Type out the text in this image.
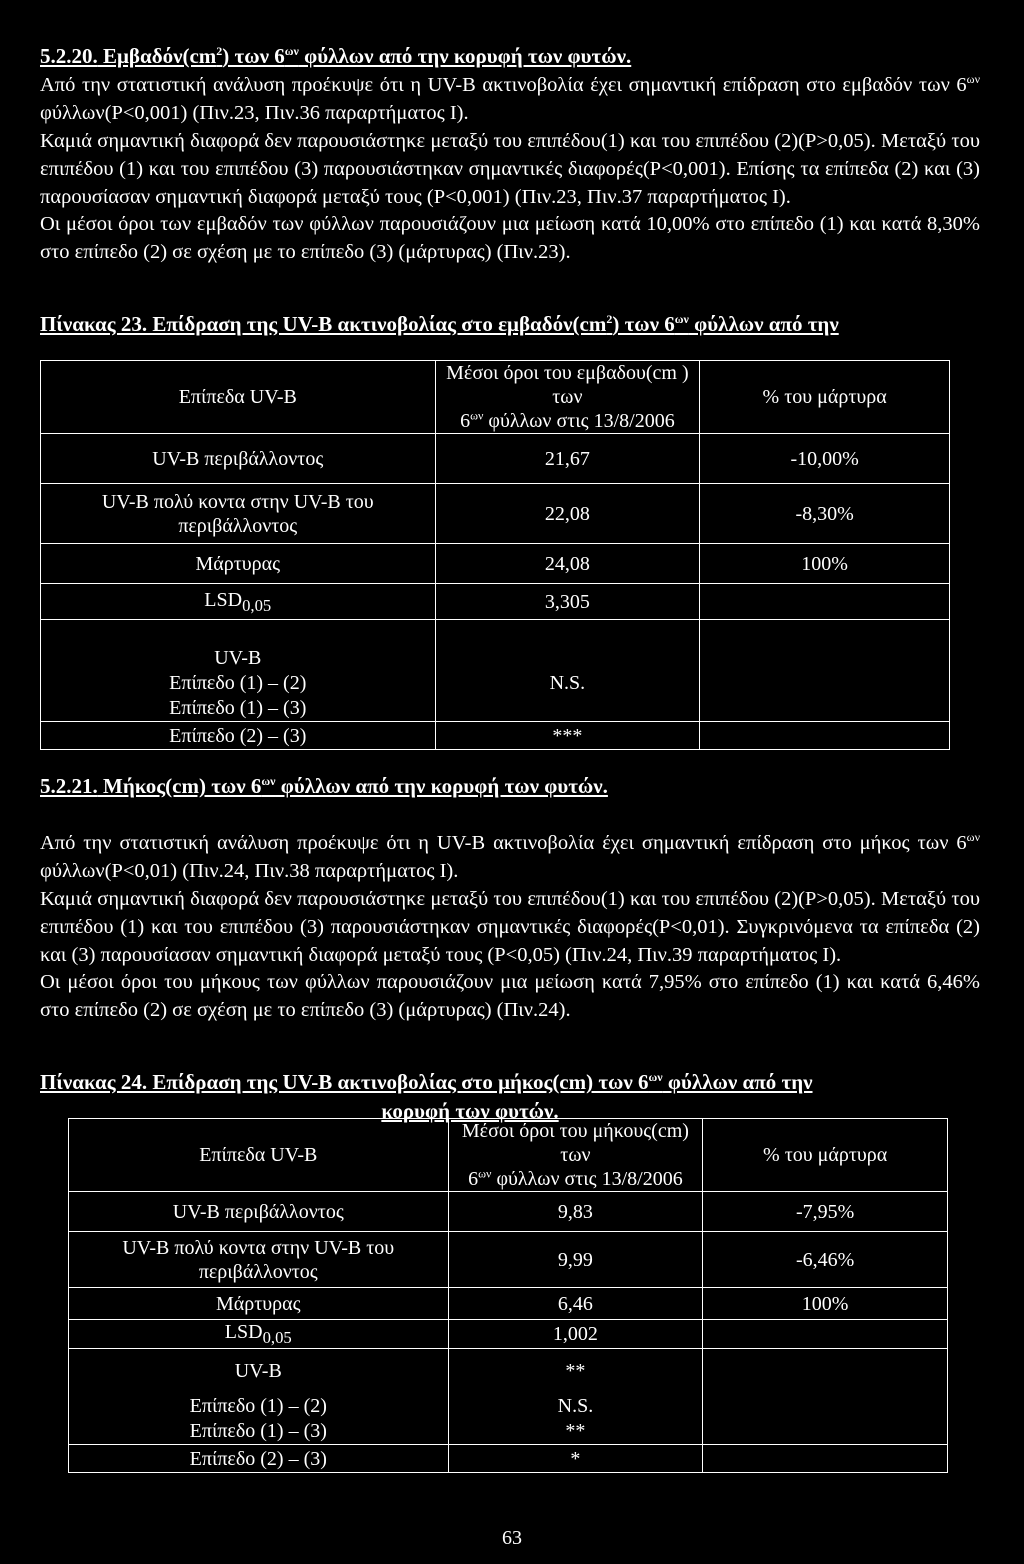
5.2.20. $E\mu\beta\alpha\delta ό\nu(cm^2)$ των $6^{\omega\nu}$ φύλλων από την κορυφή των φυτών.

Από την στατιστική ανάλυση προέκυψε ότι η UV-B ακτινοβολία έχει σημαντική επίδραση στο εμβαδόν των $6^{\omega\nu}$ φύλλων(P<0,001) (Πιν.23, Πιν.36 παραρτήματος Ι).

Καμιά σημαντική διαφορά δεν παρουσιάστηκε μεταξύ του επιπέδου(1) και του επιπέδου (2)(P>0,05). Μεταξύ του επιπέδου (1) και του επιπέδου (3) παρουσιάστηκαν σημαντικές διαφορές(P<0,001). Επίσης τα επίπεδα (2) και (3) παρουσίασαν σημαντική διαφορά μεταξύ τους (P<0,001) (Πιν.23, Πιν.37 παραρτήματος Ι).

Οι μέσοι όροι των εμβαδόν των φύλλων παρουσιάζουν μια μείωση κατά 10,00% στο επίπεδο (1) και κατά 8,30% στο επίπεδο (2) σε σχέση με το επίπεδο (3) (μάρτυρας) (Πιν.23).

Πίνακας 23. Επίδραση της UV-B ακτινοβολίας στο $\varepsilon\mu\beta\alpha\delta ό\nu(cm^2)$ των $6^{\omega\nu}$ φύλλων από την
Επίπεδα UV-B	Μέσοι όροι του εμβαδου(cm ) των
$6^{\omega\nu}$ φύλλων στις 13/8/2006	% του μάρτυρα
UV-B περιβάλλοντος	21,67	-10,00%
UV-B πολύ κοντα στην UV-B του περιβάλλοντος	22,08	-8,30%
Μάρτυρας	24,08	100%
$LSD_{0,05}$	3,305	
UV-B		
Επίπεδο (1) – (2)	N.S.	
Επίπεδο (1) – (3)		
Επίπεδο (2) – (3)	***	
5.2.21. Μήκος(cm) των $6^{\omega\nu}$ φύλλων από την κορυφή των φυτών.

Από την στατιστική ανάλυση προέκυψε ότι η UV-B ακτινοβολία έχει σημαντική επίδραση στο μήκος των $6^{\omega\nu}$ φύλλων(P<0,01) (Πιν.24, Πιν.38 παραρτήματος Ι).

Καμιά σημαντική διαφορά δεν παρουσιάστηκε μεταξύ του επιπέδου(1) και του επιπέδου (2)(P>0,05). Μεταξύ του επιπέδου (1) και του επιπέδου (3) παρουσιάστηκαν σημαντικές διαφορές(P<0,01). Συγκρινόμενα τα επίπεδα (2) και (3) παρουσίασαν σημαντική διαφορά μεταξύ τους (P<0,05) (Πιν.24, Πιν.39 παραρτήματος Ι).

Οι μέσοι όροι του μήκους των φύλλων παρουσιάζουν μια μείωση κατά 7,95% στο επίπεδο (1) και κατά 6,46% στο επίπεδο (2) σε σχέση με το επίπεδο (3) (μάρτυρας) (Πιν.24).

Πίνακας 24. Επίδραση της UV-B ακτινοβολίας στο μήκος(cm) των $6^{\omega\nu}$ φύλλων από την
κορυφή των φυτών.
Επίπεδα UV-B	Μέσοι όροι του μήκους(cm) των
$6^{\omega\nu}$ φύλλων στις 13/8/2006	% του μάρτυρα
UV-B περιβάλλοντος	9,83	-7,95%
UV-B πολύ κοντα στην UV-B του περιβάλλοντος	9,99	-6,46%
Μάρτυρας	6,46	100%
$LSD_{0,05}$	1,002	
UV-B	**	
Επίπεδο (1) – (2)	N.S.	
Επίπεδο (1) – (3)	**	
Επίπεδο (2) – (3)	*	
63
